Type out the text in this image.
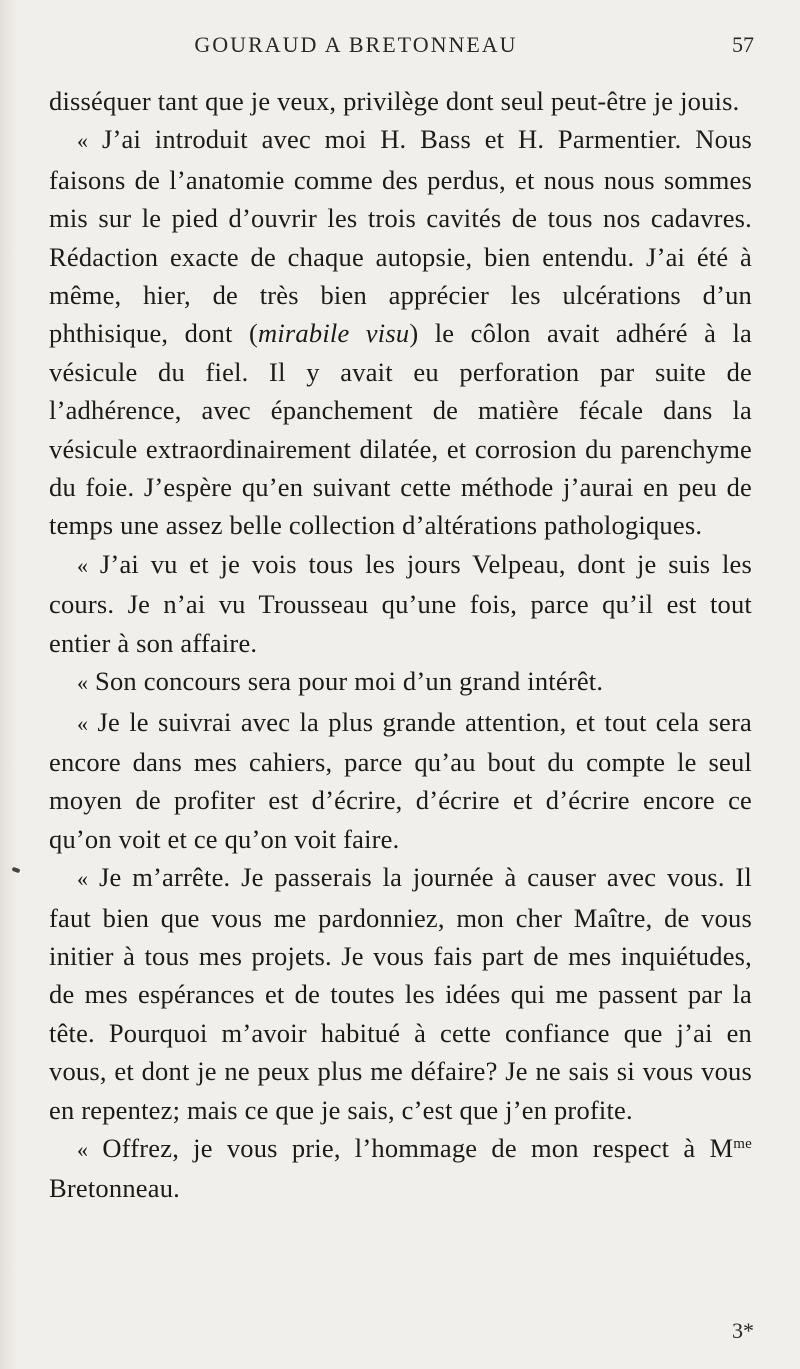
GOURAUD A BRETONNEAU	57

disséquer tant que je veux, privilège dont seul peut-être je jouis.

« J’ai introduit avec moi H. Bass et H. Parmentier. Nous faisons de l’anatomie comme des perdus, et nous nous sommes mis sur le pied d’ouvrir les trois cavités de tous nos cadavres. Rédaction exacte de chaque autopsie, bien entendu. J’ai été à même, hier, de très bien apprécier les ulcérations d’un phthisique, dont (mirabile visu) le côlon avait adhéré à la vésicule du fiel. Il y avait eu perforation par suite de l’adhérence, avec épanchement de matière fécale dans la vésicule extraordinairement dilatée, et corrosion du parenchyme du foie. J’espère qu’en suivant cette méthode j’aurai en peu de temps une assez belle collection d’altérations pathologiques.

« J’ai vu et je vois tous les jours Velpeau, dont je suis les cours. Je n’ai vu Trousseau qu’une fois, parce qu’il est tout entier à son affaire.

« Son concours sera pour moi d’un grand intérêt.

« Je le suivrai avec la plus grande attention, et tout cela sera encore dans mes cahiers, parce qu’au bout du compte le seul moyen de profiter est d’écrire, d’écrire et d’écrire encore ce qu’on voit et ce qu’on voit faire.

« Je m’arrête. Je passerais la journée à causer avec vous. Il faut bien que vous me pardonniez, mon cher Maître, de vous initier à tous mes projets. Je vous fais part de mes inquiétudes, de mes espérances et de toutes les idées qui me passent par la tête. Pourquoi m’avoir habitué à cette confiance que j’ai en vous, et dont je ne peux plus me défaire? Je ne sais si vous vous en repentez; mais ce que je sais, c’est que j’en profite.

« Offrez, je vous prie, l’hommage de mon respect à $M^{me}$ Bretonneau.

3*
